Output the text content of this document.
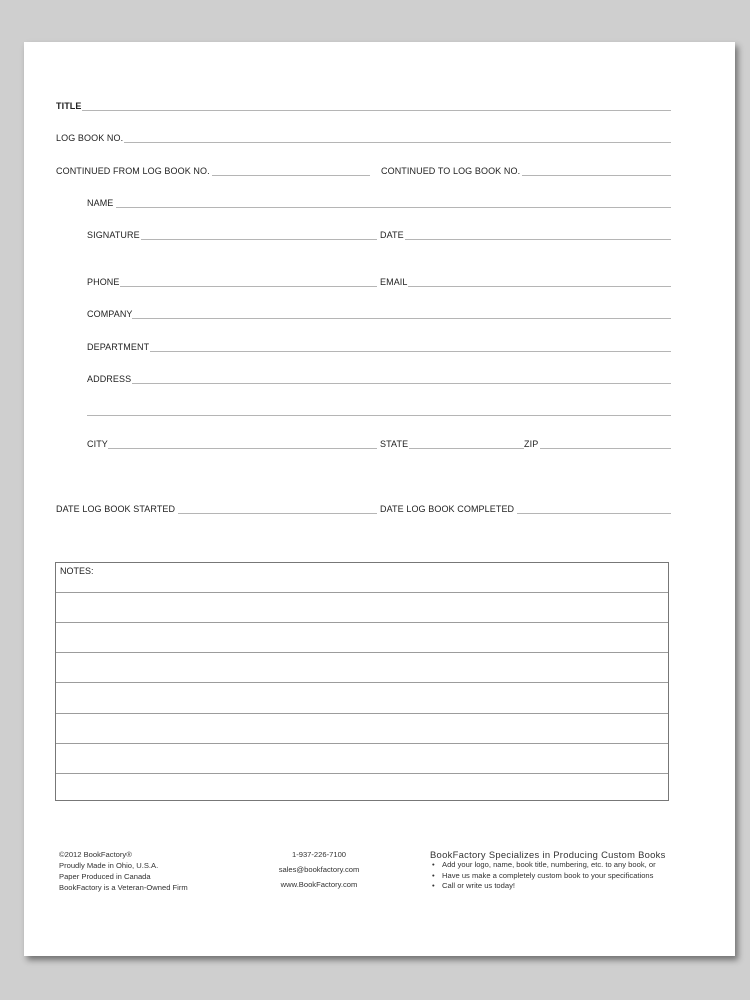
TITLE
LOG BOOK NO.
CONTINUED FROM LOG BOOK NO.	CONTINUED TO LOG BOOK NO.
NAME
SIGNATURE	DATE
PHONE	EMAIL
COMPANY
DEPARTMENT
ADDRESS
CITY	STATE	ZIP
DATE LOG BOOK STARTED	DATE LOG BOOK COMPLETED
NOTES:
©2012 BookFactory®
Proudly Made in Ohio, U.S.A.
Paper Produced in Canada
BookFactory is a Veteran-Owned Firm
1-937-226-7100
sales@bookfactory.com
www.BookFactory.com
BookFactory Specializes in Producing Custom Books
• Add your logo, name, book title, numbering, etc. to any book, or
• Have us make a completely custom book to your specifications
• Call or write us today!
